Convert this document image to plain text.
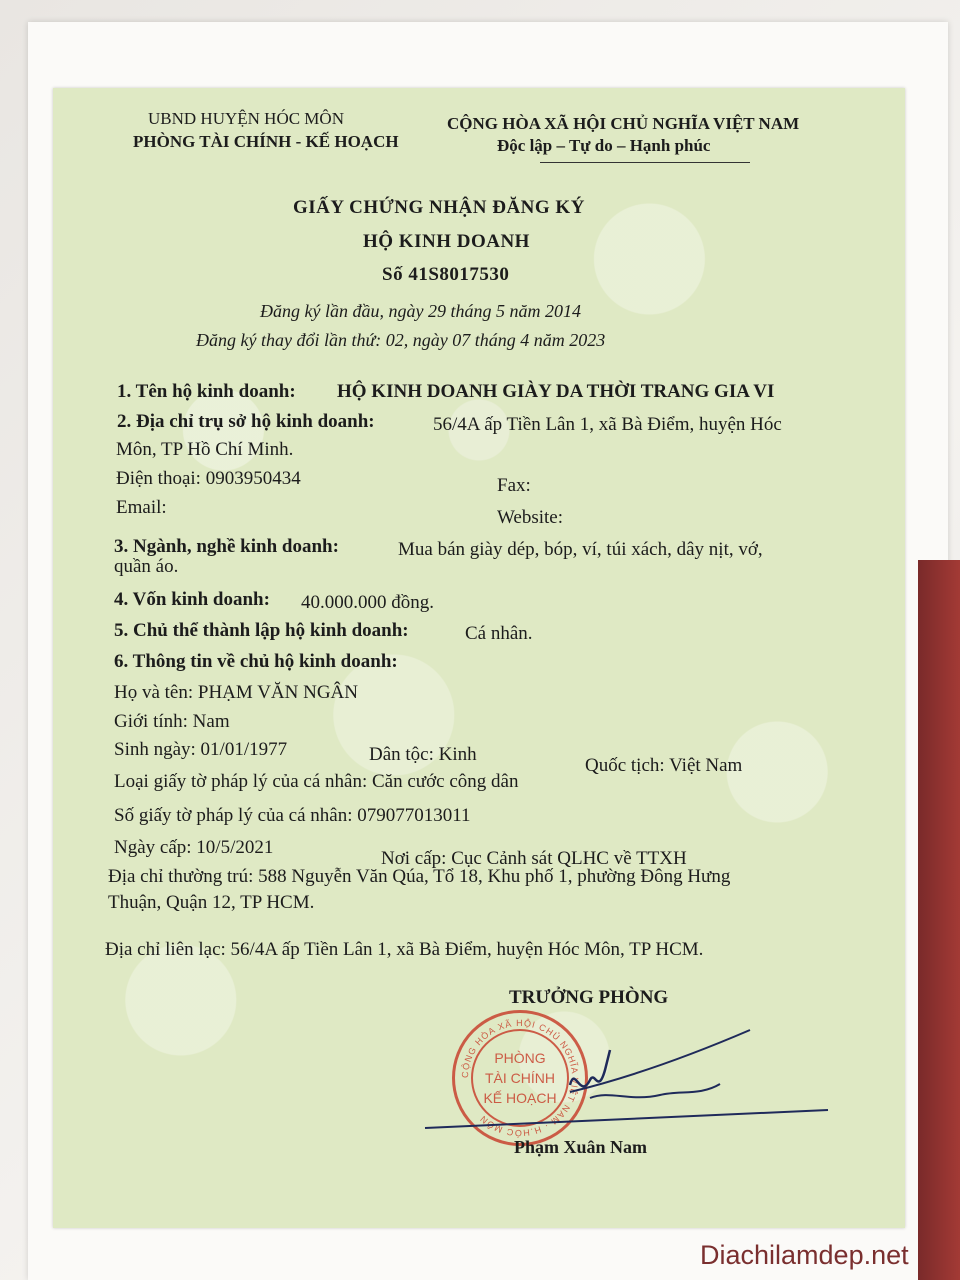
UBND HUYỆN HÓC MÔN
PHÒNG TÀI CHÍNH - KẾ HOẠCH
CỘNG HÒA XÃ HỘI CHỦ NGHĨA VIỆT NAM
Độc lập – Tự do – Hạnh phúc
GIẤY CHỨNG NHẬN ĐĂNG KÝ
HỘ KINH DOANH
Số 41S8017530
Đăng ký lần đầu, ngày 29 tháng 5 năm 2014
Đăng ký thay đổi lần thứ: 02, ngày 07 tháng 4 năm 2023
1. Tên hộ kinh doanh: HỘ KINH DOANH GIÀY DA THỜI TRANG GIA VI
2. Địa chỉ trụ sở hộ kinh doanh:	56/4A ấp Tiền Lân 1, xã Bà Điểm, huyện Hóc
Môn, TP Hồ Chí Minh.
Điện thoại: 0903950434	Fax:
Email:	Website:
3. Ngành, nghề kinh doanh:	Mua bán giày dép, bóp, ví, túi xách, dây nịt, vớ,
quần áo.
4. Vốn kinh doanh: 40.000.000 đồng.
5. Chủ thể thành lập hộ kinh doanh:	Cá nhân.
6. Thông tin về chủ hộ kinh doanh:
Họ và tên: PHẠM VĂN NGÂN
Giới tính: Nam
Sinh ngày: 01/01/1977	Dân tộc: Kinh
Quốc tịch: Việt Nam
Loại giấy tờ pháp lý của cá nhân: Căn cước công dân
Số giấy tờ pháp lý của cá nhân: 079077013011
Ngày cấp: 10/5/2021
Nơi cấp: Cục Cảnh sát QLHC về TTXH
Địa chỉ thường trú: 588 Nguyễn Văn Qúa, Tổ 18, Khu phố 1, phường Đông Hưng
Thuận, Quận 12, TP HCM.
Địa chỉ liên lạc: 56/4A ấp Tiền Lân 1, xã Bà Điểm, huyện Hóc Môn, TP HCM.
TRƯỞNG PHÒNG
CỘNG HÒA XÃ HỘI CHỦ NGHĨA VIỆT NAM · H.HÓC MÔN
PHÒNG
TÀI CHÍNH
KẾ HOẠCH
Phạm Xuân Nam
Diachilamdep.net
